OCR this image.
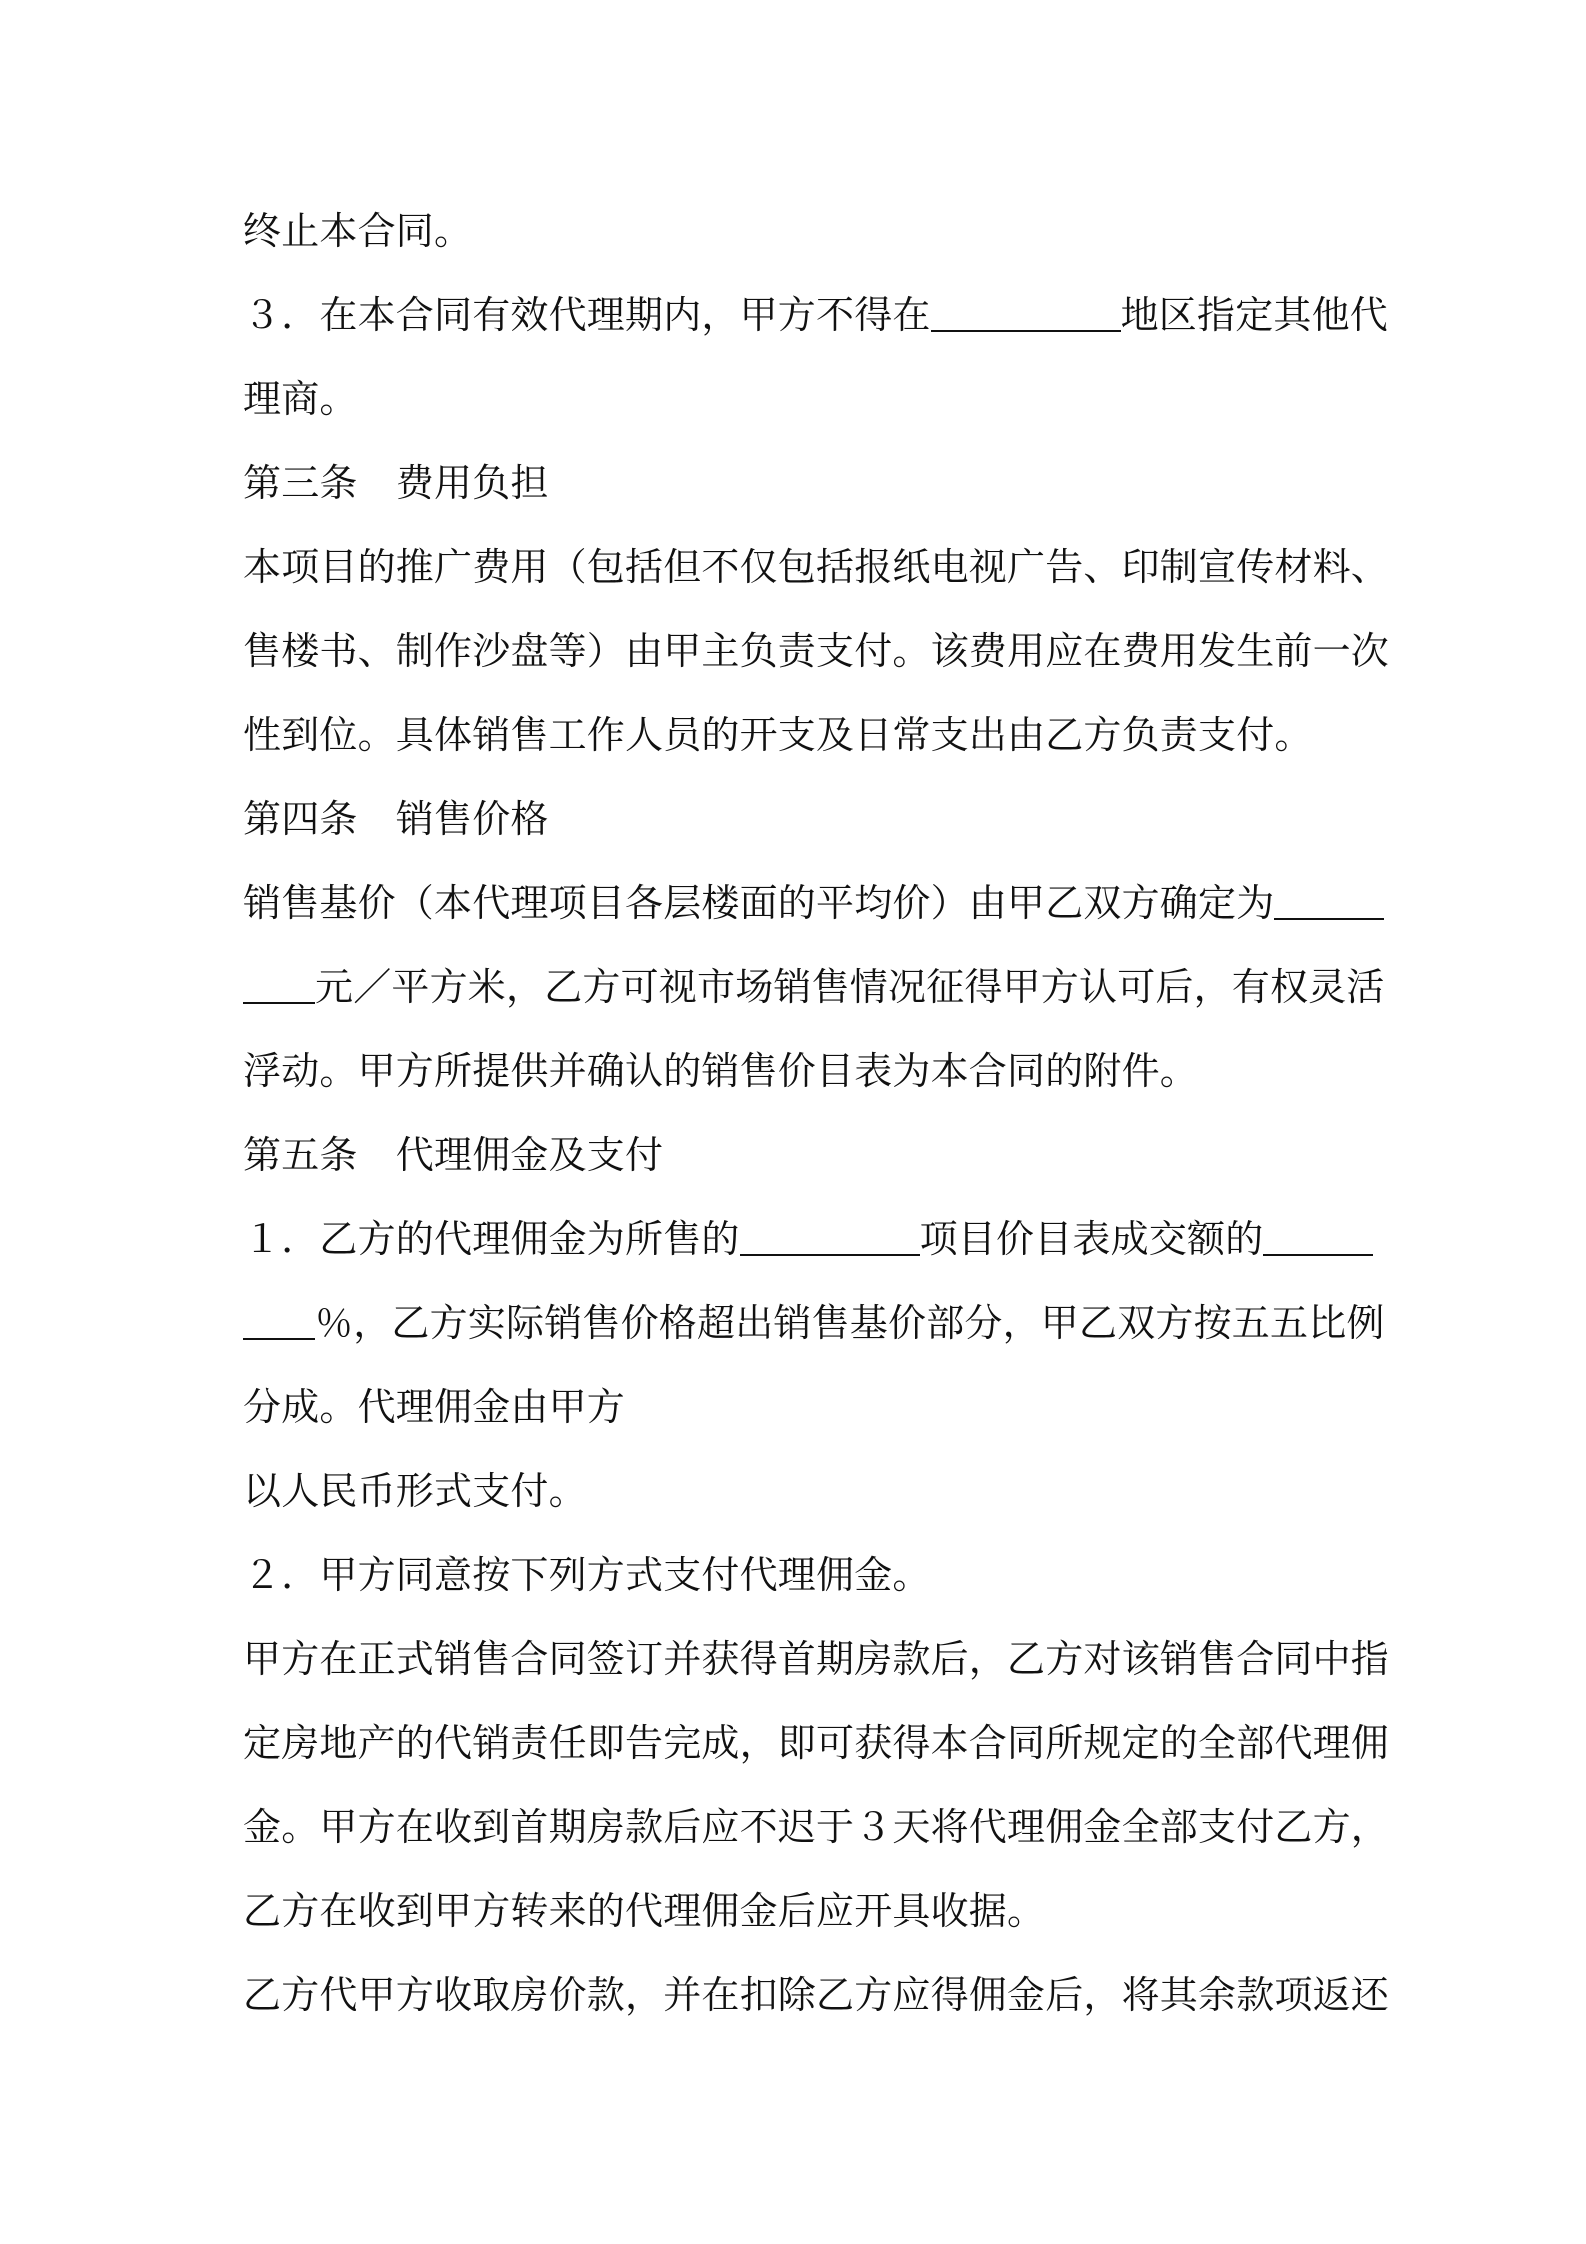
终止本合同。
３．在本合同有效代理期内，甲方不得在	地区指定其他代
理商。
第三条　费用负担
本项目的推广费用（包括但不仅包括报纸电视广告、印制宣传材料、
售楼书、制作沙盘等）由甲主负责支付。该费用应在费用发生前一次
性到位。具体销售工作人员的开支及日常支出由乙方负责支付。
第四条　销售价格
销售基价（本代理项目各层楼面的平均价）由甲乙双方确定为
元／平方米，乙方可视市场销售情况征得甲方认可后，有权灵活
浮动。甲方所提供并确认的销售价目表为本合同的附件。
第五条　代理佣金及支付
１．乙方的代理佣金为所售的	项目价目表成交额的
％，乙方实际销售价格超出销售基价部分，甲乙双方按五五比例
分成。代理佣金由甲方
以人民币形式支付。
２．甲方同意按下列方式支付代理佣金。
甲方在正式销售合同签订并获得首期房款后，乙方对该销售合同中指
定房地产的代销责任即告完成，即可获得本合同所规定的全部代理佣
金。甲方在收到首期房款后应不迟于３天将代理佣金全部支付乙方，
乙方在收到甲方转来的代理佣金后应开具收据。
乙方代甲方收取房价款，并在扣除乙方应得佣金后，将其余款项返还
